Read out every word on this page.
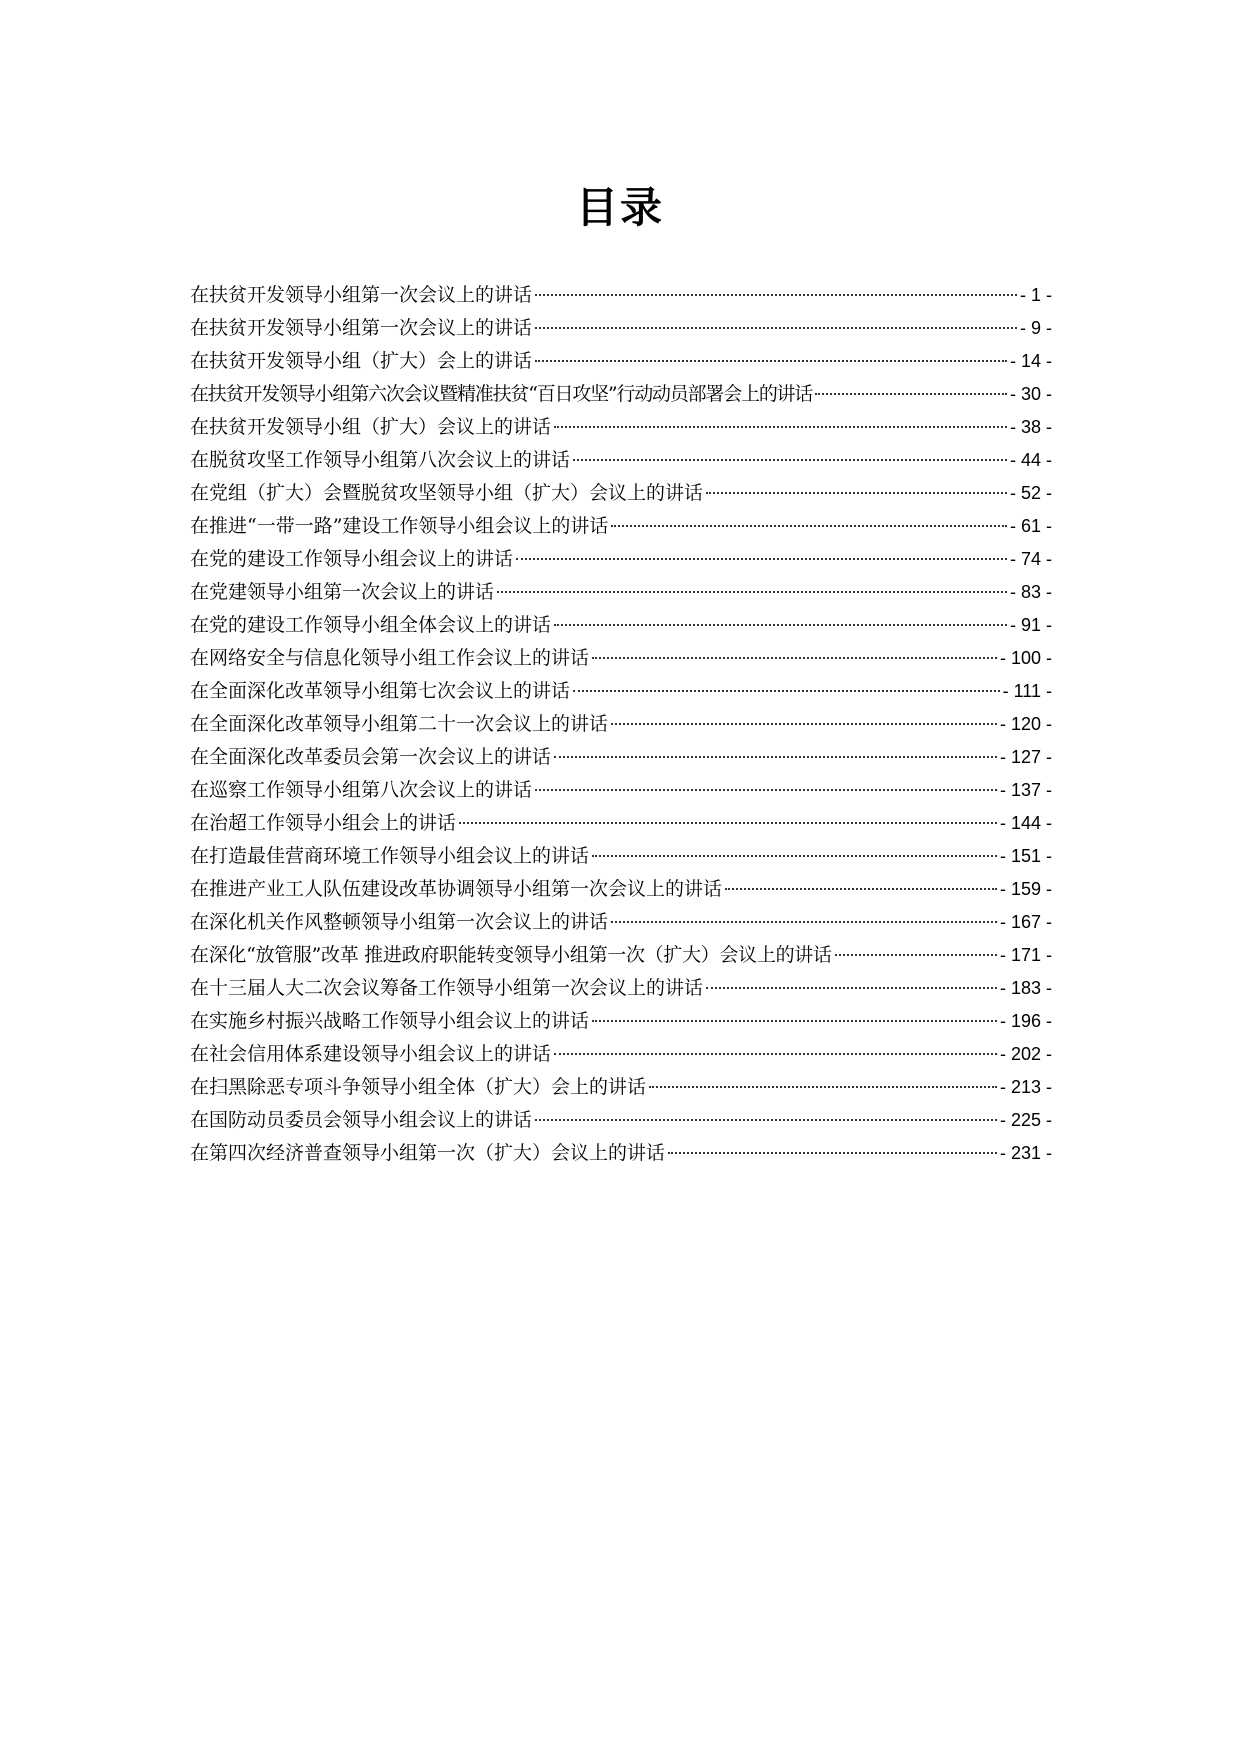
目录
在扶贫开发领导小组第一次会议上的讲话	- 1 -
在扶贫开发领导小组第一次会议上的讲话	- 9 -
在扶贫开发领导小组（扩大）会上的讲话	- 14 -
在扶贫开发领导小组第六次会议暨精准扶贫“百日攻坚”行动动员部署会上的讲话	- 30 -
在扶贫开发领导小组（扩大）会议上的讲话	- 38 -
在脱贫攻坚工作领导小组第八次会议上的讲话	- 44 -
在党组（扩大）会暨脱贫攻坚领导小组（扩大）会议上的讲话	- 52 -
在推进“一带一路”建设工作领导小组会议上的讲话	- 61 -
在党的建设工作领导小组会议上的讲话	- 74 -
在党建领导小组第一次会议上的讲话	- 83 -
在党的建设工作领导小组全体会议上的讲话	- 91 -
在网络安全与信息化领导小组工作会议上的讲话	- 100 -
在全面深化改革领导小组第七次会议上的讲话	- 111 -
在全面深化改革领导小组第二十一次会议上的讲话	- 120 -
在全面深化改革委员会第一次会议上的讲话	- 127 -
在巡察工作领导小组第八次会议上的讲话	- 137 -
在治超工作领导小组会上的讲话	- 144 -
在打造最佳营商环境工作领导小组会议上的讲话	- 151 -
在推进产业工人队伍建设改革协调领导小组第一次会议上的讲话	- 159 -
在深化机关作风整顿领导小组第一次会议上的讲话	- 167 -
在深化“放管服”改革 推进政府职能转变领导小组第一次（扩大）会议上的讲话	- 171 -
在十三届人大二次会议筹备工作领导小组第一次会议上的讲话	- 183 -
在实施乡村振兴战略工作领导小组会议上的讲话	- 196 -
在社会信用体系建设领导小组会议上的讲话	- 202 -
在扫黑除恶专项斗争领导小组全体（扩大）会上的讲话	- 213 -
在国防动员委员会领导小组会议上的讲话	- 225 -
在第四次经济普查领导小组第一次（扩大）会议上的讲话	- 231 -
